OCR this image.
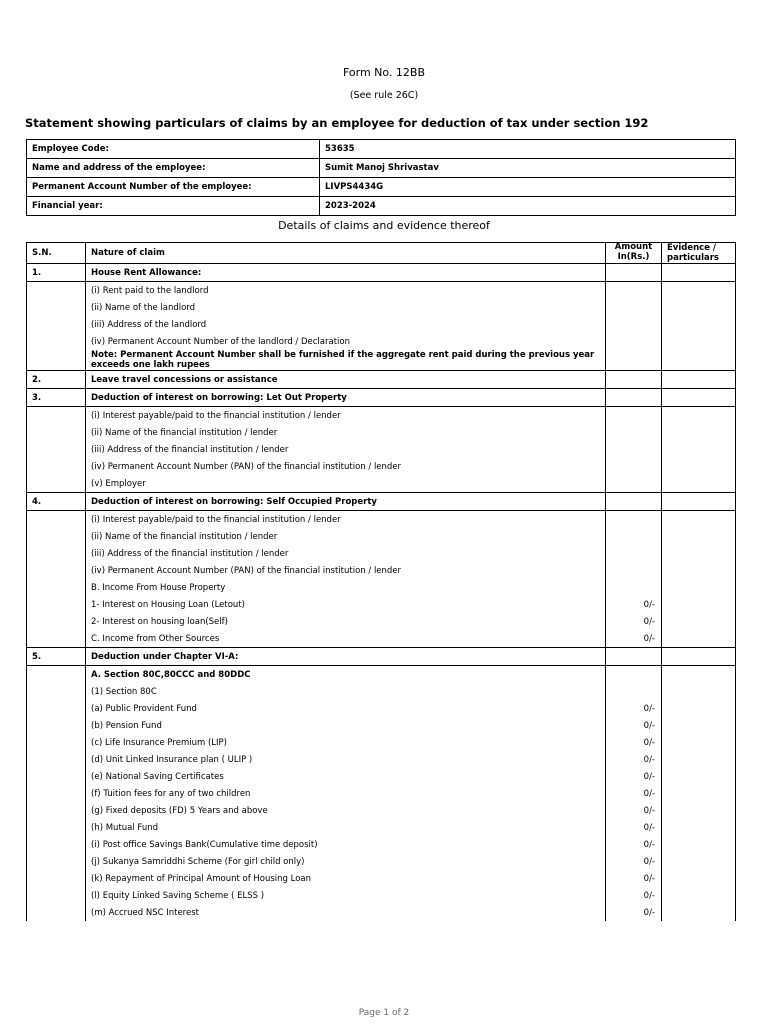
Form No. 12BB
(See rule 26C)
Statement showing particulars of claims by an employee for deduction of tax under section 192
Employee Code:	53635
Name and address of the employee:	Sumit Manoj Shrivastav
Permanent Account Number of the employee:	LIVPS4434G
Financial year:	2023-2024
Details of claims and evidence thereof
S.N.	Nature of claim	Amount In(Rs.)	Evidence / particulars
1.	House Rent Allowance:		
	(i) Rent paid to the landlord		
	(ii) Name of the landlord		
	(iii) Address of the landlord		
	(iv) Permanent Account Number of the landlord / Declaration		
	Note: Permanent Account Number shall be furnished if the aggregate rent paid during the previous year exceeds one lakh rupees		
2.	Leave travel concessions or assistance		
3.	Deduction of interest on borrowing: Let Out Property		
	(i) Interest payable/paid to the financial institution / lender		
	(ii) Name of the financial institution / lender		
	(iii) Address of the financial institution / lender		
	(iv) Permanent Account Number (PAN) of the financial institution / lender		
	(v) Employer		
4.	Deduction of interest on borrowing: Self Occupied Property		
	(i) Interest payable/paid to the financial institution / lender		
	(ii) Name of the financial institution / lender		
	(iii) Address of the financial institution / lender		
	(iv) Permanent Account Number (PAN) of the financial institution / lender		
	B. Income From House Property		
	1- Interest on Housing Loan (Letout)	0/-	
	2- Interest on housing loan(Self)	0/-	
	C. Income from Other Sources	0/-	
5.	Deduction under Chapter VI-A:		
	A. Section 80C,80CCC and 80DDC		
	(1) Section 80C		
	(a) Public Provident Fund	0/-	
	(b) Pension Fund	0/-	
	(c) Life Insurance Premium (LIP)	0/-	
	(d) Unit Linked Insurance plan ( ULIP )	0/-	
	(e) National Saving Certificates	0/-	
	(f) Tuition fees for any of two children	0/-	
	(g) Fixed deposits (FD) 5 Years and above	0/-	
	(h) Mutual Fund	0/-	
	(i) Post office Savings Bank(Cumulative time deposit)	0/-	
	(j) Sukanya Samriddhi Scheme (For girl child only)	0/-	
	(k) Repayment of Principal Amount of Housing Loan	0/-	
	(l) Equity Linked Saving Scheme ( ELSS )	0/-	
	(m) Accrued NSC Interest	0/-	
Page 1 of 2
